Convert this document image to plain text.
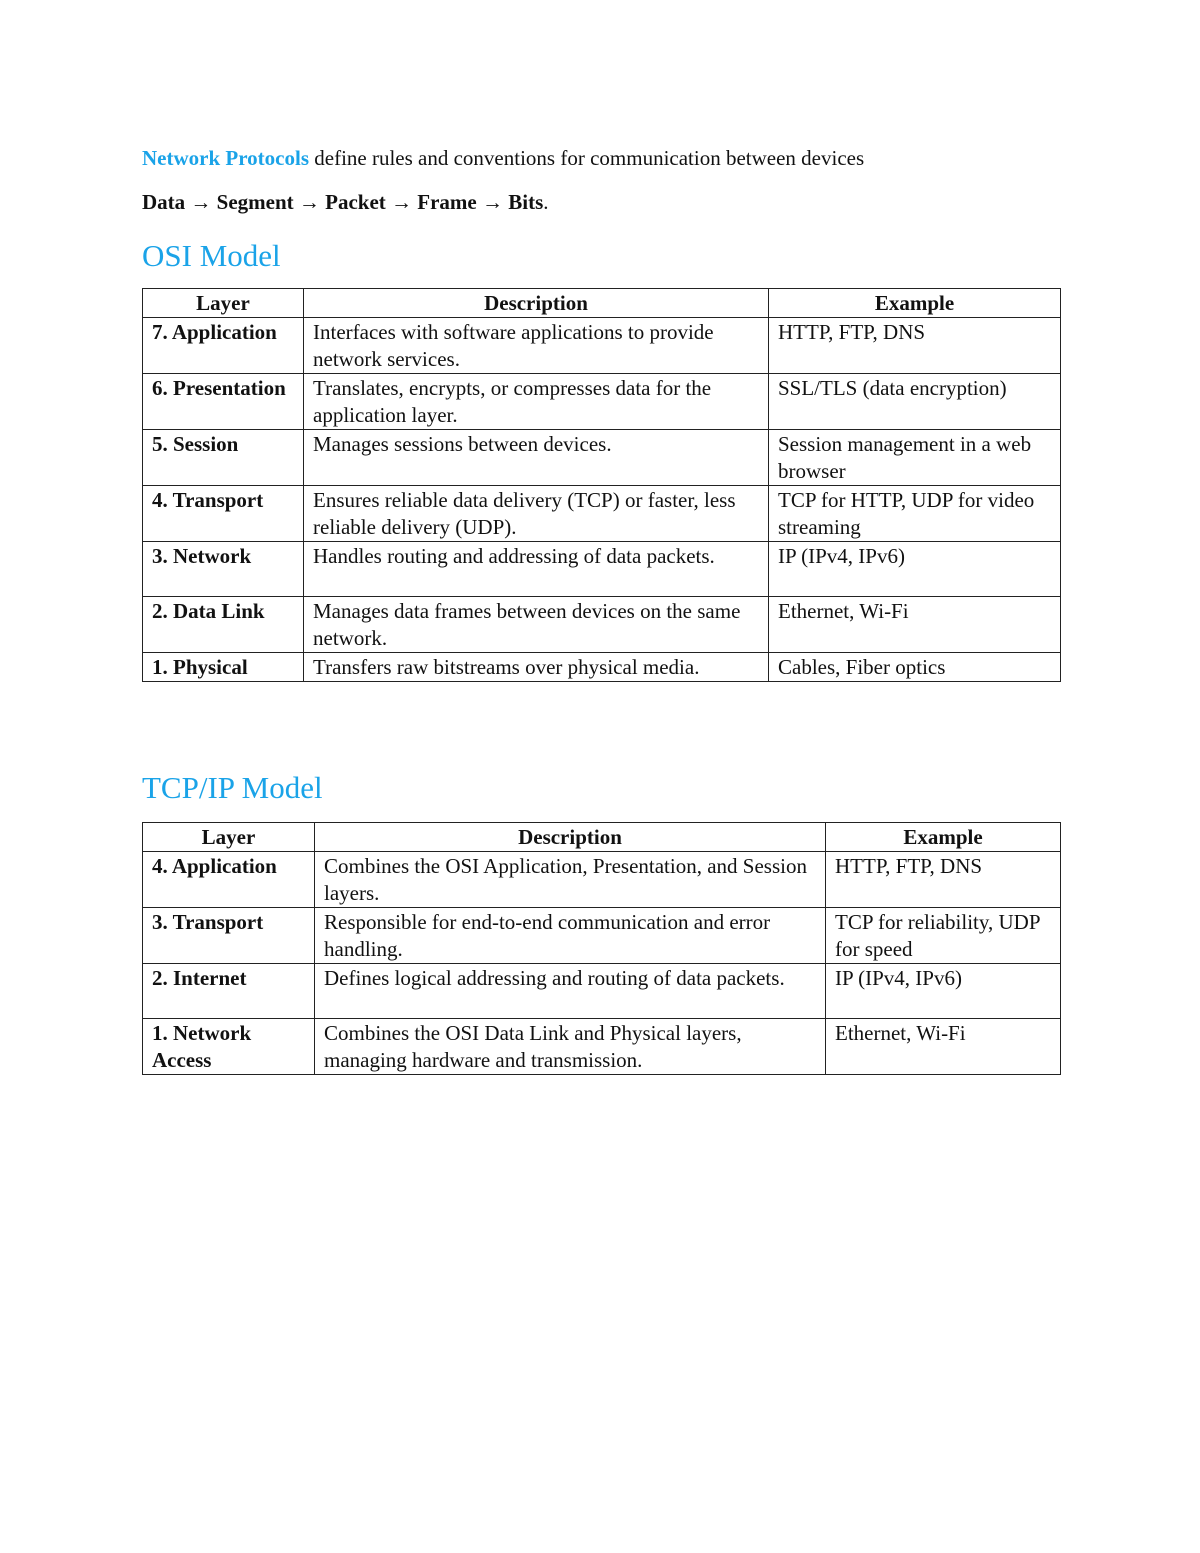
Network Protocols define rules and conventions for communication between devices

Data → Segment → Packet → Frame → Bits.

OSI Model
Layer	Description	Example
7. Application	Interfaces with software applications to provide network services.	HTTP, FTP, DNS
6. Presentation	Translates, encrypts, or compresses data for the application layer.	SSL/TLS (data encryption)
5. Session	Manages sessions between devices.	Session management in a web browser
4. Transport	Ensures reliable data delivery (TCP) or faster, less reliable delivery (UDP).	TCP for HTTP, UDP for video streaming
3. Network	Handles routing and addressing of data packets.	IP (IPv4, IPv6)
2. Data Link	Manages data frames between devices on the same network.	Ethernet, Wi-Fi
1. Physical	Transfers raw bitstreams over physical media.	Cables, Fiber optics
TCP/IP Model
Layer	Description	Example
4. Application	Combines the OSI Application, Presentation, and Session layers.	HTTP, FTP, DNS
3. Transport	Responsible for end-to-end communication and error handling.	TCP for reliability, UDP for speed
2. Internet	Defines logical addressing and routing of data packets.	IP (IPv4, IPv6)
1. Network Access	Combines the OSI Data Link and Physical layers, managing hardware and transmission.	Ethernet, Wi-Fi
